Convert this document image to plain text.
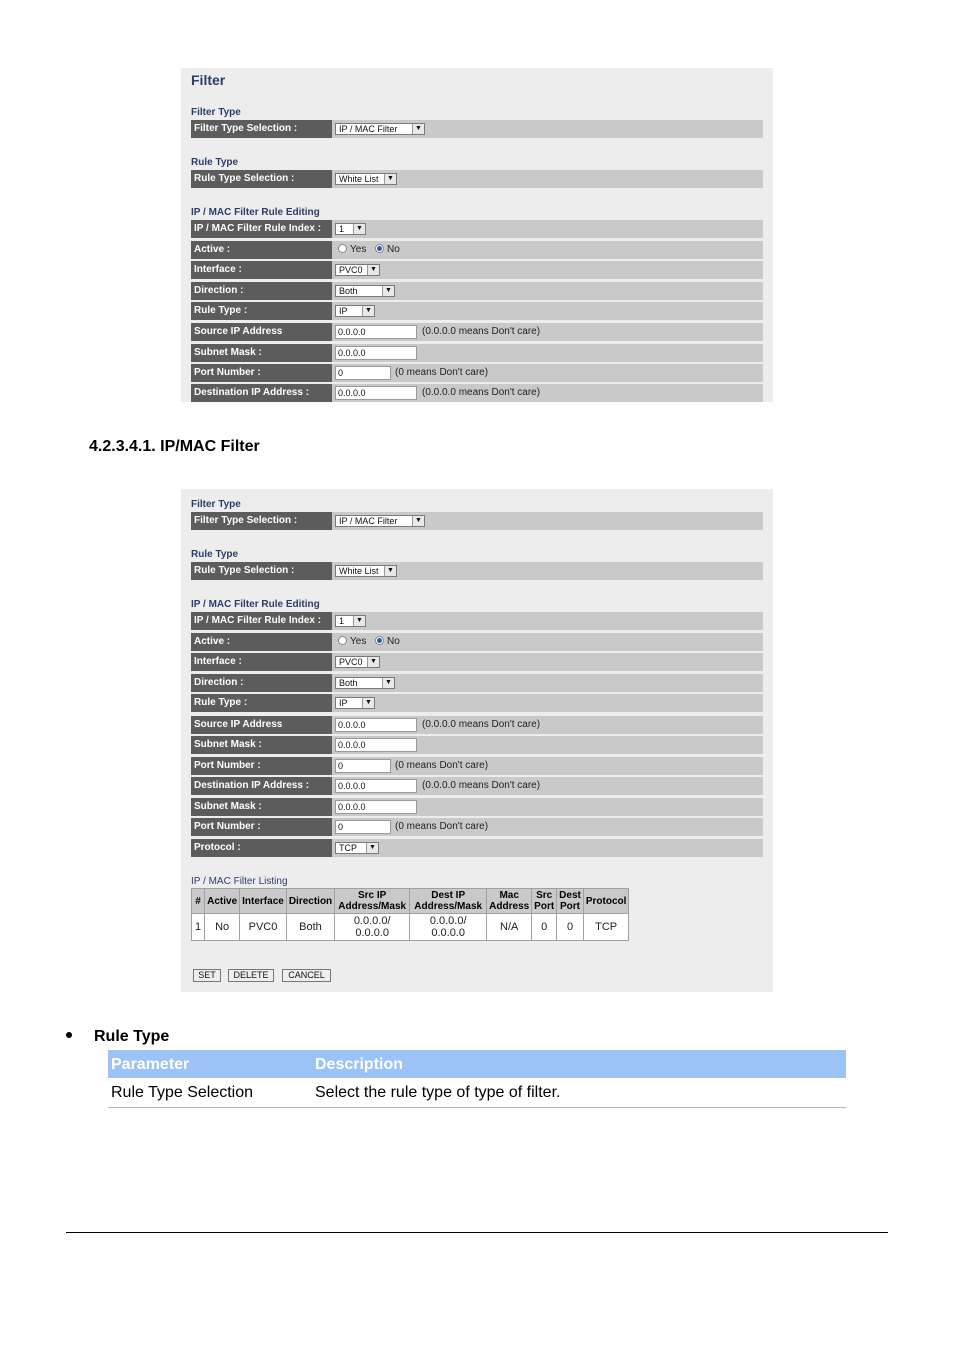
Filter
Filter Type
Filter Type Selection :	IP / MAC Filter	▼
Rule Type
Rule Type Selection :	White List	▼
IP / MAC Filter Rule Editing
IP / MAC Filter Rule Index :	1	▼
Active :	Yes	No
Interface :	PVC0	▼
Direction :	Both	▼
Rule Type :	IP	▼
Source IP Address	0.0.0.0	(0.0.0.0 means Don't care)
Subnet Mask :	0.0.0.0
Port Number :	0	(0 means Don't care)
Destination IP Address :	0.0.0.0	(0.0.0.0 means Don't care)
4.2.3.4.1. IP/MAC Filter
Filter Type
Filter Type Selection :	IP / MAC Filter	▼
Rule Type
Rule Type Selection :	White List	▼
IP / MAC Filter Rule Editing
IP / MAC Filter Rule Index :	1	▼
Active :	Yes	No
Interface :	PVC0	▼
Direction :	Both	▼
Rule Type :	IP	▼
Source IP Address	0.0.0.0	(0.0.0.0 means Don't care)
Subnet Mask :	0.0.0.0
Port Number :	0	(0 means Don't care)
Destination IP Address :	0.0.0.0	(0.0.0.0 means Don't care)
Subnet Mask :	0.0.0.0
Port Number :	0	(0 means Don't care)
Protocol :	TCP	▼
IP / MAC Filter Listing
#	Active	Interface	Direction	Src IP Address/Mask	Dest IP Address/Mask	Mac Address	Src Port	Dest Port	Protocol
1	No	PVC0	Both	0.0.0.0/ 0.0.0.0	0.0.0.0/ 0.0.0.0	N/A	0	0	TCP
SET	DELETE	CANCEL
Rule Type
Parameter	Description
Rule Type Selection	Select the rule type of type of filter.
